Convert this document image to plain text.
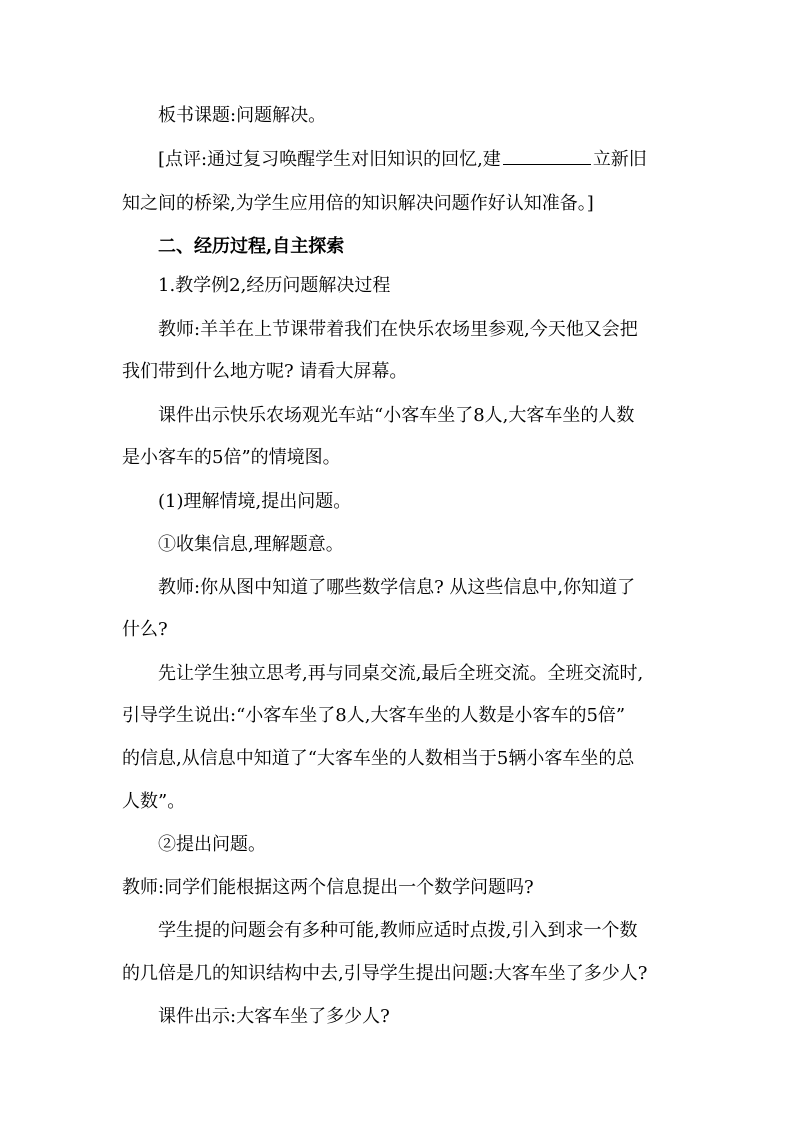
板书课题:问题解决。
[点评:通过复习唤醒学生对旧知识的回忆,建	立新旧
知之间的桥梁,为学生应用倍的知识解决问题作好认知准备。]
二、经历过程,自主探索
1.教学例2,经历问题解决过程
教师:羊羊在上节课带着我们在快乐农场里参观,今天他又会把
我们带到什么地方呢? 请看大屏幕。
课件出示快乐农场观光车站“小客车坐了8人,大客车坐的人数
是小客车的5倍”的情境图。
(1)理解情境,提出问题。
①收集信息,理解题意。
教师:你从图中知道了哪些数学信息? 从这些信息中,你知道了
什么?
先让学生独立思考,再与同桌交流,最后全班交流。全班交流时,
引导学生说出:“小客车坐了8人,大客车坐的人数是小客车的5倍”
的信息,从信息中知道了“大客车坐的人数相当于5辆小客车坐的总
人数”。
②提出问题。
教师:同学们能根据这两个信息提出一个数学问题吗?
学生提的问题会有多种可能,教师应适时点拨,引入到求一个数
的几倍是几的知识结构中去,引导学生提出问题:大客车坐了多少人?
课件出示:大客车坐了多少人?
